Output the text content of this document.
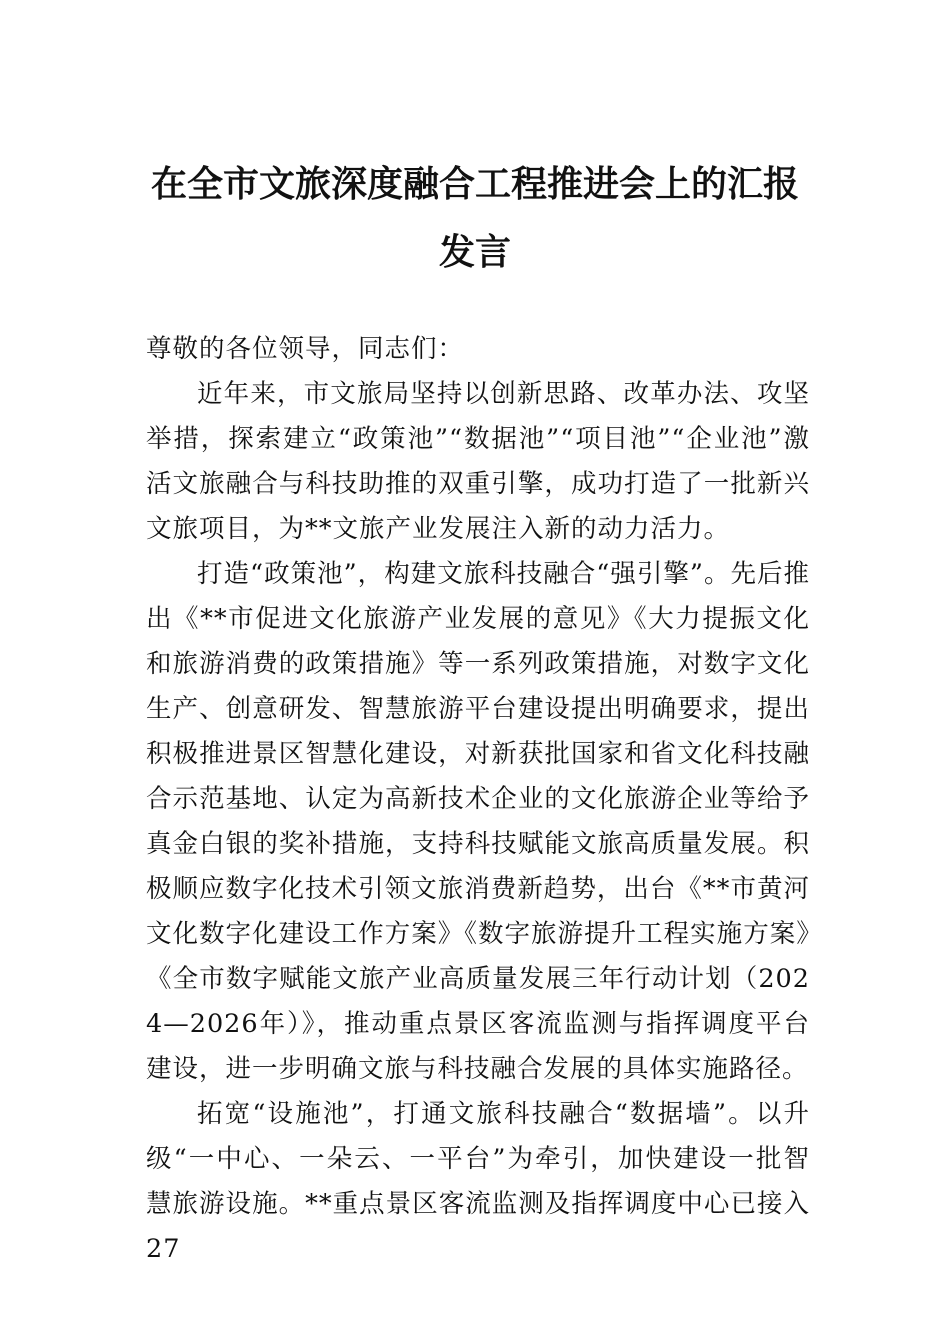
在全市文旅深度融合工程推进会上的汇报
发言

尊敬的各位领导，同志们：

近年来，市文旅局坚持以创新思路、改革办法、攻坚举措，探索建立“政策池”“数据池”“项目池”“企业池”激活文旅融合与科技助推的双重引擎，成功打造了一批新兴文旅项目，为**文旅产业发展注入新的动力活力。

打造“政策池”，构建文旅科技融合“强引擎”。先后推出《**市促进文化旅游产业发展的意见》《大力提振文化和旅游消费的政策措施》等一系列政策措施，对数字文化生产、创意研发、智慧旅游平台建设提出明确要求，提出积极推进景区智慧化建设，对新获批国家和省文化科技融合示范基地、认定为高新技术企业的文化旅游企业等给予真金白银的奖补措施，支持科技赋能文旅高质量发展。积极顺应数字化技术引领文旅消费新趋势，出台《**市黄河文化数字化建设工作方案》《数字旅游提升工程实施方案》《全市数字赋能文旅产业高质量发展三年行动计划（2024—2026年）》，推动重点景区客流监测与指挥调度平台建设，进一步明确文旅与科技融合发展的具体实施路径。

拓宽“设施池”，打通文旅科技融合“数据墙”。以升级“一中心、一朵云、一平台”为牵引，加快建设一批智慧旅游设施。**重点景区客流监测及指挥调度中心已接入27
